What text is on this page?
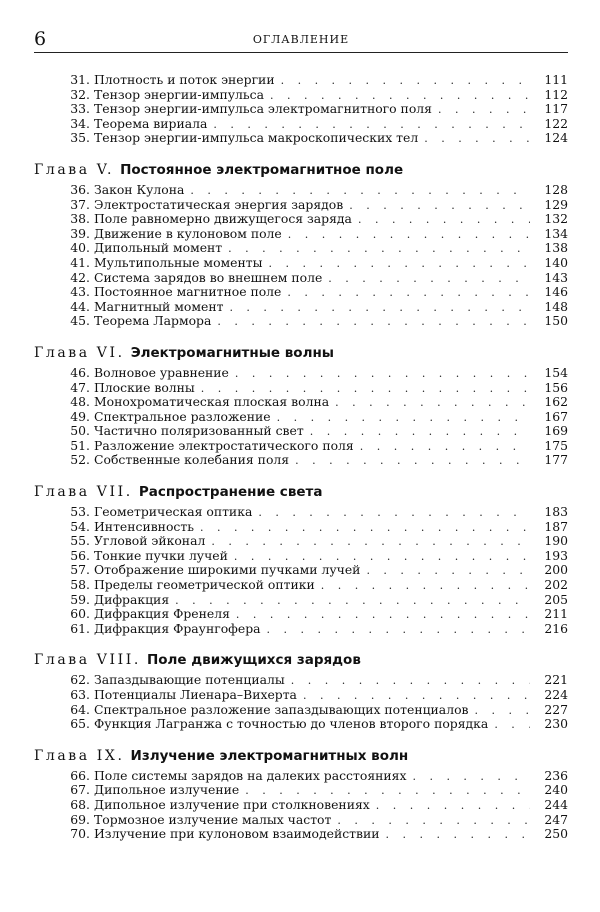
6	ОГЛАВЛЕНИЕ
31. Плотность и поток энергии . . .	111
32. Тензор энергии-импульса . . .	112
33. Тензор энергии-импульса электромагнитного поля . . .	117
34. Теорема вириала . . .	122
35. Тензор энергии-импульса макроскопических тел . . .	124
Глава V. Постоянное электромагнитное поле
36. Закон Кулона . . .	128
37. Электростатическая энергия зарядов . . .	129
38. Поле равномерно движущегося заряда . . .	132
39. Движение в кулоновом поле . . .	134
40. Дипольный момент . . .	138
41. Мультипольные моменты . . .	140
42. Система зарядов во внешнем поле . . .	143
43. Постоянное магнитное поле . . .	146
44. Магнитный момент . . .	148
45. Теорема Лармора . . .	150
Глава VI. Электромагнитные волны
46. Волновое уравнение . . .	154
47. Плоские волны . . .	156
48. Монохроматическая плоская волна . . .	162
49. Спектральное разложение . . .	167
50. Частично поляризованный свет . . .	169
51. Разложение электростатического поля . . .	175
52. Собственные колебания поля . . .	177
Глава VII. Распространение света
53. Геометрическая оптика . . .	183
54. Интенсивность . . .	187
55. Угловой эйконал . . .	190
56. Тонкие пучки лучей . . .	193
57. Отображение широкими пучками лучей . . .	200
58. Пределы геометрической оптики . . .	202
59. Дифракция . . .	205
60. Дифракция Френеля . . .	211
61. Дифракция Фраунгофера . . .	216
Глава VIII. Поле движущихся зарядов
62. Запаздывающие потенциалы . . .	221
63. Потенциалы Лиенара–Вихерта . . .	224
64. Спектральное разложение запаздывающих потенциалов . . .	227
65. Функция Лагранжа с точностью до членов второго порядка . . .	230
Глава IX. Излучение электромагнитных волн
66. Поле системы зарядов на далеких расстояниях . . .	236
67. Дипольное излучение . . .	240
68. Дипольное излучение при столкновениях . . .	244
69. Тормозное излучение малых частот . . .	247
70. Излучение при кулоновом взаимодействии . . .	250
